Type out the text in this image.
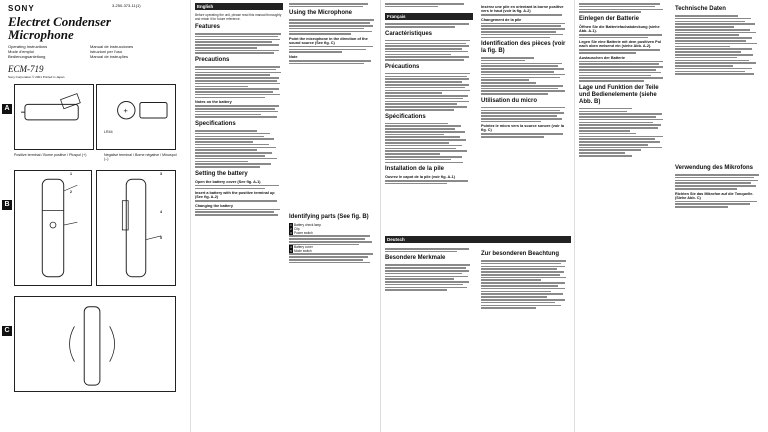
3-250-373-11(1)
SONY
Electret Condenser
Microphone
Operating Instructions
Mode d'emploi
Bedienungsanleitung
Manual de instrucciones
Istruzioni per l'uso
Manual de instruções
ECM-719
Sony Corporation © 2001 Printed in Japan
A	+
LR44
Positive terminal / Borne positive / Pluspol (+)	Negative terminal / Borne négative / Minuspol (–)
B
1
2
3
4
5
C
English
Before operating the unit, please read this manual thoroughly and retain it for future reference.
Features
Precautions
Notes on the battery
Specifications
Setting the battery
Open the battery cover (See fig. A-1)
Insert a battery with the positive terminal up (See fig. A-2)
Changing the battery
Using the Microphone
Point the microphone in the direction of the sound source (See fig. C)
Note
Identifying parts (See fig. B)
1 Battery check lamp
2 Clip
3 Power switch
4 Battery cover
5 Mode switch
Français
Caractéristiques
Précautions
Spécifications
Installation de la pile
Ouvrez le capot de la pile (voir fig. A-1)
Insérez une pile en orientant la borne positive vers le haut (voir la fig. A-2)
Changement de la pile
Identification des pièces (voir la fig. B)
Utilisation du micro
Pointez le micro vers la source sonore (voir la fig. C)
Deutsch
Besondere Merkmale
Zur besonderen Beachtung
Einlegen der Batterie
Öffnen Sie die Batteriefachabdeckung (siehe Abb. A-1).
Legen Sie eine Batterie mit dem positiven Pol nach oben weisend ein (siehe Abb. A-2).
Austauschen der Batterie
Lage und Funktion der Teile und Bedienelemente (siehe Abb. B)
Technische Daten
Verwendung des Mikrofons
Richten Sie das Mikrofon auf die Tonquelle. (Siehe Abb. C)
